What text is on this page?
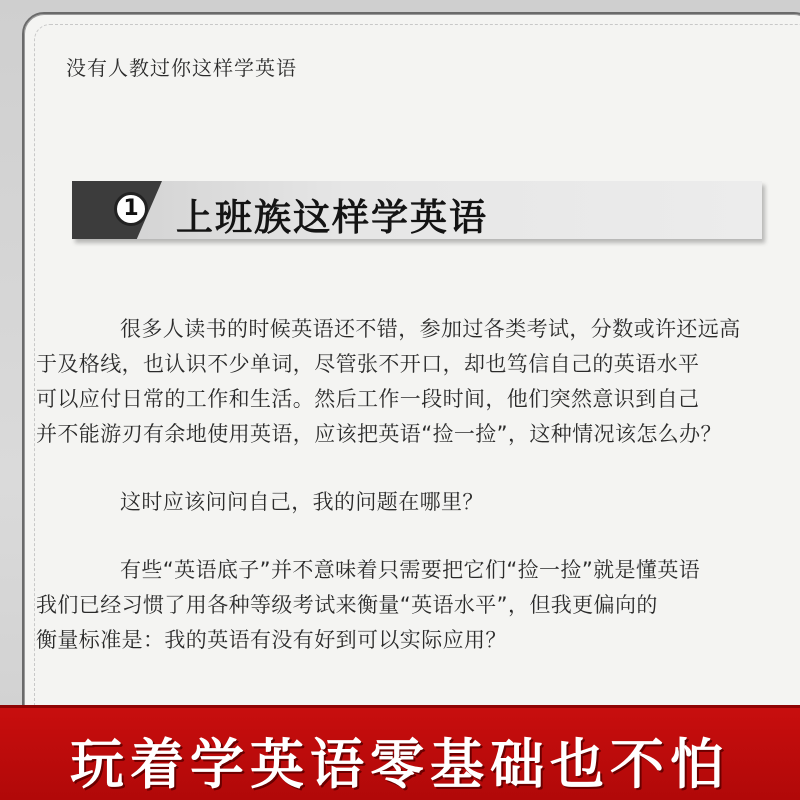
没有人教过你这样学英语
1 上班族这样学英语

很多人读书的时候英语还不错，参加过各类考试，分数或许还远高
于及格线，也认识不少单词，尽管张不开口，却也笃信自己的英语水平
可以应付日常的工作和生活。然后工作一段时间，他们突然意识到自己
并不能游刃有余地使用英语，应该把英语“捡一捡”，这种情况该怎么办？

这时应该问问自己，我的问题在哪里？

有些“英语底子”并不意味着只需要把它们“捡一捡”就是懂英语
我们已经习惯了用各种等级考试来衡量“英语水平”，但我更偏向的
衡量标准是：我的英语有没有好到可以实际应用？

玩着学英语零基础也不怕
